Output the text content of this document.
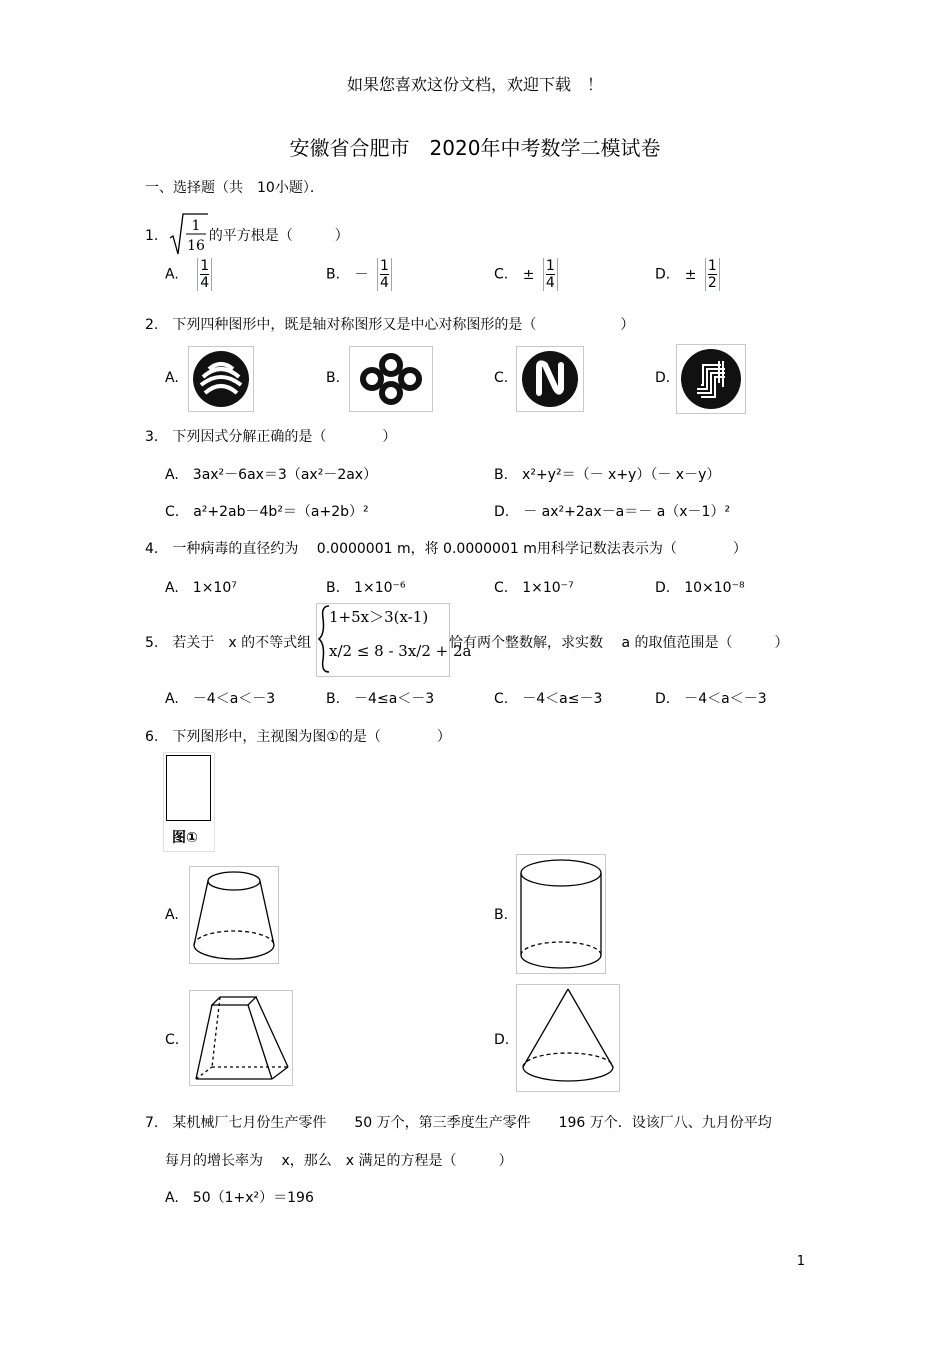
如果您喜欢这份文档，欢迎下载　！
安徽省合肥市　2020年中考数学二模试卷
一、选择题（共　10小题）．
1.
1
16
的平方根是（　　　）
A. $\frac{1}{4}$	B. － $\frac{1}{4}$	C. ± $\frac{1}{4}$	D. ± $\frac{1}{2}$
2.　下列四种图形中，既是轴对称图形又是中心对称图形的是（　　　　　　）
A.	B.	C.	D.
3.　下列因式分解正确的是（　　　　）
A.　3ax²－6ax＝3（ax²－2ax）	B.　x²+y²＝（－ x+y）（－ x－y）
C.　a²+2ab－4b²＝（a+2b）²	D.　－ ax²+2ax－a＝－ a（x－1）²
4.　一种病毒的直径约为　 0.0000001 m，将 0.0000001 m用科学记数法表示为（　　　　）
A.　1×10⁷	B.　1×10⁻⁶	C.　1×10⁻⁷	D.　10×10⁻⁸
5.　若关于　x 的不等式组
1+5x＞3(x-1)
x/2 ≤ 8 - 3x/2 + 2a
恰有两个整数解，求实数　 a 的取值范围是（　　　）
A.　－4＜a＜－3	B.　－4≤a＜－3	C.　－4＜a≤－3	D.　－4＜a＜－3
6.　下列图形中，主视图为图①的是（　　　　）
图①
A.	B.
C.	D.
7.　某机械厂七月份生产零件　　50 万个，第三季度生产零件　　196 万个．设该厂八、九月份平均
每月的增长率为　 x，那么　x 满足的方程是（　　　）
A.　50（1+x²）＝196
1
